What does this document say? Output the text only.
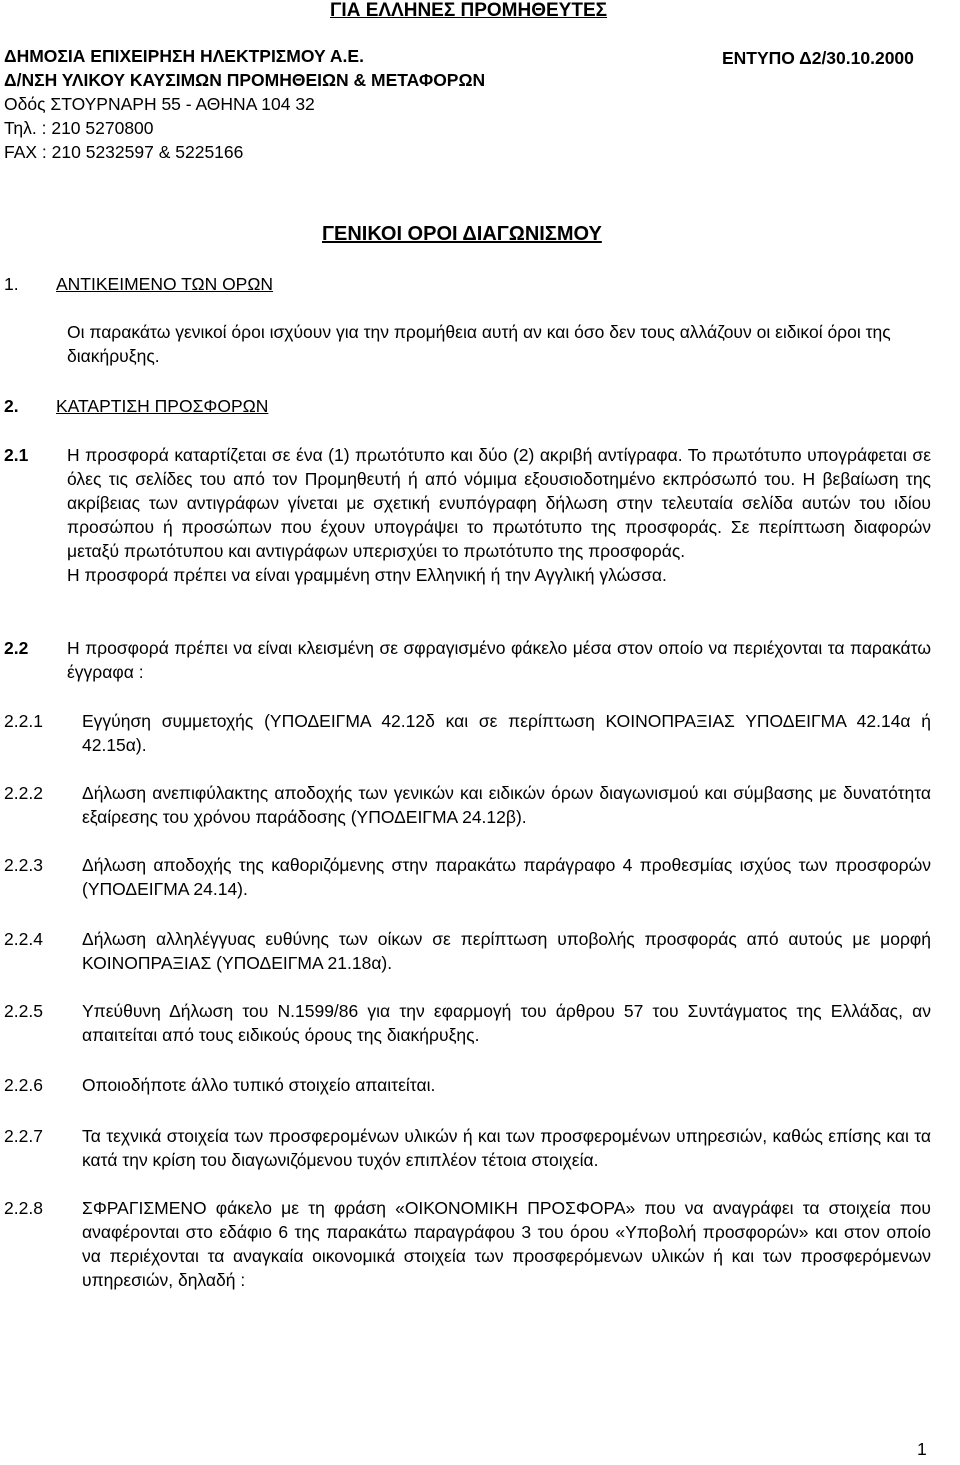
ΓΙΑ ΕΛΛΗΝΕΣ ΠΡΟΜΗΘΕΥΤΕΣ
ΔΗΜΟΣΙΑ ΕΠΙΧΕΙΡΗΣΗ ΗΛΕΚΤΡΙΣΜΟΥ Α.Ε.
Δ/ΝΣΗ ΥΛΙΚΟΥ ΚΑΥΣΙΜΩΝ ΠΡΟΜΗΘΕΙΩΝ & ΜΕΤΑΦΟΡΩΝ
Οδός ΣΤΟΥΡΝΑΡΗ 55 - ΑΘΗΝΑ 104 32
Τηλ. : 210 5270800
FAX : 210 5232597 & 5225166
ΕΝΤΥΠΟ Δ2/30.10.2000
ΓΕΝΙΚΟΙ ΟΡΟΙ ΔΙΑΓΩΝΙΣΜΟΥ
1. ΑΝΤΙΚΕΙΜΕΝΟ ΤΩΝ ΟΡΩΝ
Οι παρακάτω γενικοί όροι ισχύουν για την προμήθεια αυτή αν και όσο δεν τους αλλάζουν οι ειδικοί όροι της διακήρυξης.
2. ΚΑΤΑΡΤΙΣΗ ΠΡΟΣΦΟΡΩΝ
2.1 Η προσφορά καταρτίζεται σε ένα (1) πρωτότυπο και δύο (2) ακριβή αντίγραφα. Το πρωτότυπο υπογράφεται σε όλες τις σελίδες του από τον Προμηθευτή ή από νόμιμα εξουσιοδοτημένο εκπρόσωπό του. Η βεβαίωση της ακρίβειας των αντιγράφων γίνεται με σχετική ενυπόγραφη δήλωση στην τελευταία σελίδα αυτών του ιδίου προσώπου ή προσώπων που έχουν υπογράψει το πρωτότυπο της προσφοράς. Σε περίπτωση διαφορών μεταξύ πρωτότυπου και αντιγράφων υπερισχύει το πρωτότυπο της προσφοράς.
Η προσφορά πρέπει να είναι γραμμένη στην Ελληνική ή την Αγγλική γλώσσα.
2.2 Η προσφορά πρέπει να είναι κλεισμένη σε σφραγισμένο φάκελο μέσα στον οποίο να περιέχονται τα παρακάτω έγγραφα :
2.2.1 Εγγύηση συμμετοχής (ΥΠΟΔΕΙΓΜΑ 42.12δ και σε περίπτωση ΚΟΙΝΟΠΡΑΞΙΑΣ ΥΠΟΔΕΙΓΜΑ 42.14α ή 42.15α).
2.2.2 Δήλωση ανεπιφύλακτης αποδοχής των γενικών και ειδικών όρων διαγωνισμού και σύμβασης με δυνατότητα εξαίρεσης του χρόνου παράδοσης (ΥΠΟΔΕΙΓΜΑ 24.12β).
2.2.3 Δήλωση αποδοχής της καθοριζόμενης στην παρακάτω παράγραφο 4 προθεσμίας ισχύος των προσφορών (ΥΠΟΔΕΙΓΜΑ 24.14).
2.2.4 Δήλωση αλληλέγγυας ευθύνης των οίκων σε περίπτωση υποβολής προσφοράς από αυτούς με μορφή ΚΟΙΝΟΠΡΑΞΙΑΣ (ΥΠΟΔΕΙΓΜΑ 21.18α).
2.2.5 Υπεύθυνη Δήλωση του Ν.1599/86 για την εφαρμογή του άρθρου 57 του Συντάγματος της Ελλάδας, αν απαιτείται από τους ειδικούς όρους της διακήρυξης.
2.2.6 Οποιοδήποτε άλλο τυπικό στοιχείο απαιτείται.
2.2.7 Τα τεχνικά στοιχεία των προσφερομένων υλικών ή και των προσφερομένων υπηρεσιών, καθώς επίσης και τα κατά την κρίση του διαγωνιζόμενου τυχόν επιπλέον τέτοια στοιχεία.
2.2.8 ΣΦΡΑΓΙΣΜΕΝΟ φάκελο με τη φράση «ΟΙΚΟΝΟΜΙΚΗ ΠΡΟΣΦΟΡΑ» που να αναγράφει τα στοιχεία που αναφέρονται στο εδάφιο 6 της παρακάτω παραγράφου 3 του όρου «Υποβολή προσφορών» και στον οποίο να περιέχονται τα αναγκαία οικονομικά στοιχεία των προσφερόμενων υλικών ή και των προσφερόμενων υπηρεσιών, δηλαδή :
1
